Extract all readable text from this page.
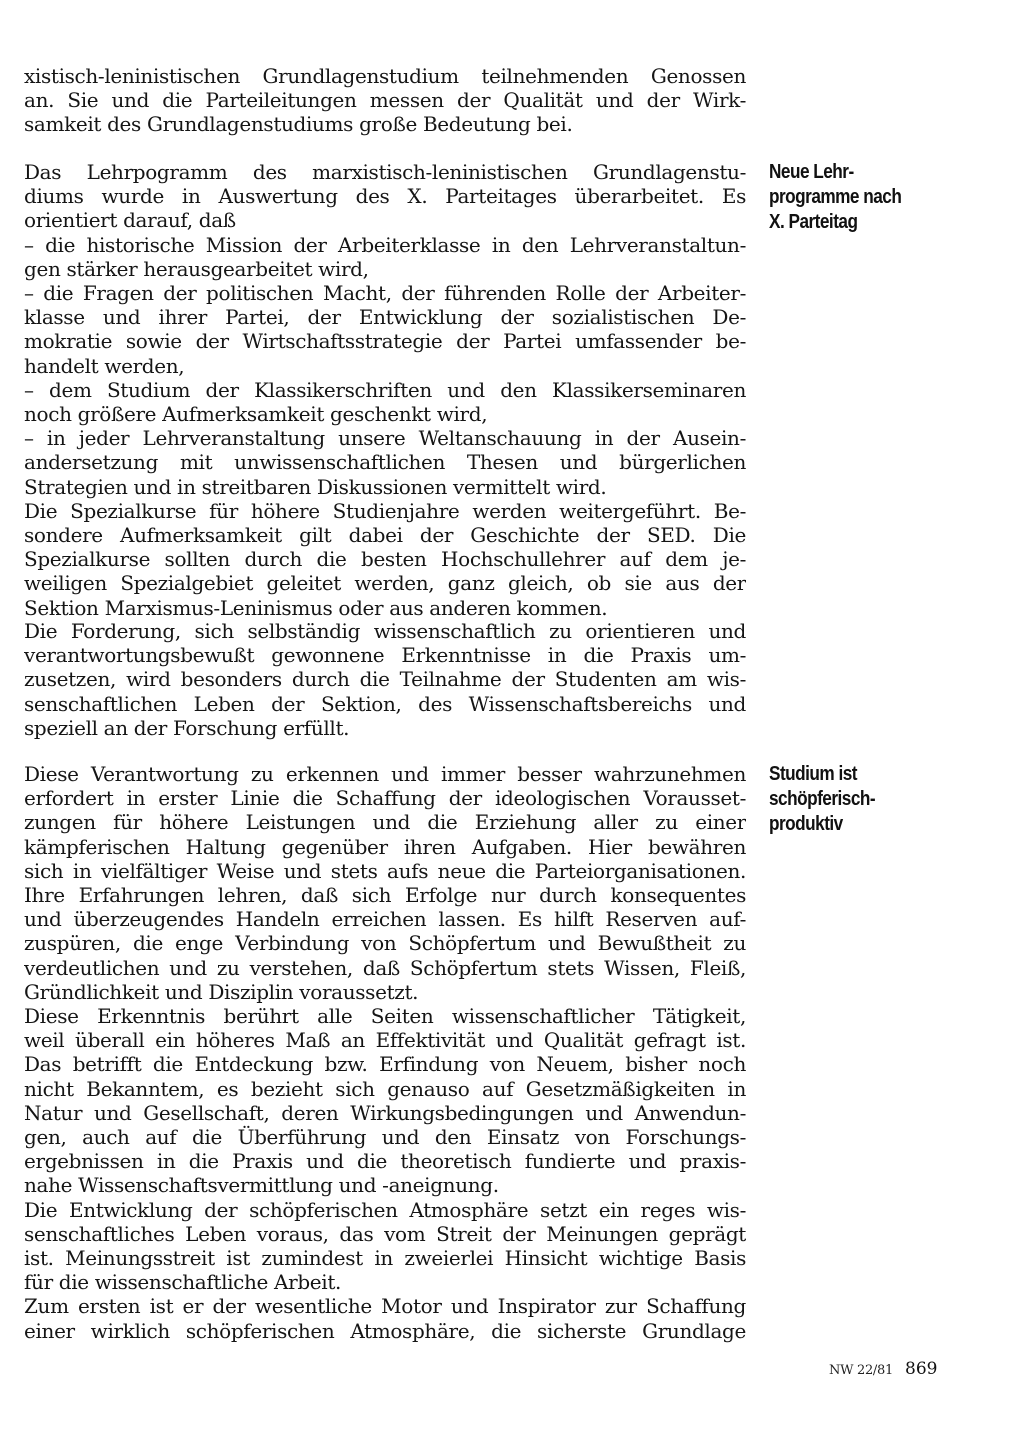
xistisch-leninistischen Grundlagenstudium teilnehmenden Genossen
an. Sie und die Parteileitungen messen der Qualität und der Wirk-
samkeit des Grundlagenstudiums große Bedeutung bei.
Das Lehrpogramm des marxistisch-leninistischen Grundlagenstu-
diums wurde in Auswertung des X. Parteitages überarbeitet. Es
orientiert darauf, daß
– die historische Mission der Arbeiterklasse in den Lehrveranstaltun-
gen stärker herausgearbeitet wird,
– die Fragen der politischen Macht, der führenden Rolle der Arbeiter-
klasse und ihrer Partei, der Entwicklung der sozialistischen De-
mokratie sowie der Wirtschaftsstrategie der Partei umfassender be-
handelt werden,
– dem Studium der Klassikerschriften und den Klassikerseminaren
noch größere Aufmerksamkeit geschenkt wird,
– in jeder Lehrveranstaltung unsere Weltanschauung in der Ausein-
andersetzung mit unwissenschaftlichen Thesen und bürgerlichen
Strategien und in streitbaren Diskussionen vermittelt wird.
Die Spezialkurse für höhere Studienjahre werden weitergeführt. Be-
sondere Aufmerksamkeit gilt dabei der Geschichte der SED. Die
Spezialkurse sollten durch die besten Hochschullehrer auf dem je-
weiligen Spezialgebiet geleitet werden, ganz gleich, ob sie aus der
Sektion Marxismus-Leninismus oder aus anderen kommen.
Die Forderung, sich selbständig wissenschaftlich zu orientieren und
verantwortungsbewußt gewonnene Erkenntnisse in die Praxis um-
zusetzen, wird besonders durch die Teilnahme der Studenten am wis-
senschaftlichen Leben der Sektion, des Wissenschaftsbereichs und
speziell an der Forschung erfüllt.
Diese Verantwortung zu erkennen und immer besser wahrzunehmen
erfordert in erster Linie die Schaffung der ideologischen Vorausset-
zungen für höhere Leistungen und die Erziehung aller zu einer
kämpferischen Haltung gegenüber ihren Aufgaben. Hier bewähren
sich in vielfältiger Weise und stets aufs neue die Parteiorganisationen.
Ihre Erfahrungen lehren, daß sich Erfolge nur durch konsequentes
und überzeugendes Handeln erreichen lassen. Es hilft Reserven auf-
zuspüren, die enge Verbindung von Schöpfertum und Bewußtheit zu
verdeutlichen und zu verstehen, daß Schöpfertum stets Wissen, Fleiß,
Gründlichkeit und Disziplin voraussetzt.
Diese Erkenntnis berührt alle Seiten wissenschaftlicher Tätigkeit,
weil überall ein höheres Maß an Effektivität und Qualität gefragt ist.
Das betrifft die Entdeckung bzw. Erfindung von Neuem, bisher noch
nicht Bekanntem, es bezieht sich genauso auf Gesetzmäßigkeiten in
Natur und Gesellschaft, deren Wirkungsbedingungen und Anwendun-
gen, auch auf die Überführung und den Einsatz von Forschungs-
ergebnissen in die Praxis und die theoretisch fundierte und praxis-
nahe Wissenschaftsvermittlung und -aneignung.
Die Entwicklung der schöpferischen Atmosphäre setzt ein reges wis-
senschaftliches Leben voraus, das vom Streit der Meinungen geprägt
ist. Meinungsstreit ist zumindest in zweierlei Hinsicht wichtige Basis
für die wissenschaftliche Arbeit.
Zum ersten ist er der wesentliche Motor und Inspirator zur Schaffung
einer wirklich schöpferischen Atmosphäre, die sicherste Grundlage
Neue Lehr-
programme nach
X. Parteitag
Studium ist
schöpferisch-
produktiv
NW 22/81 869
